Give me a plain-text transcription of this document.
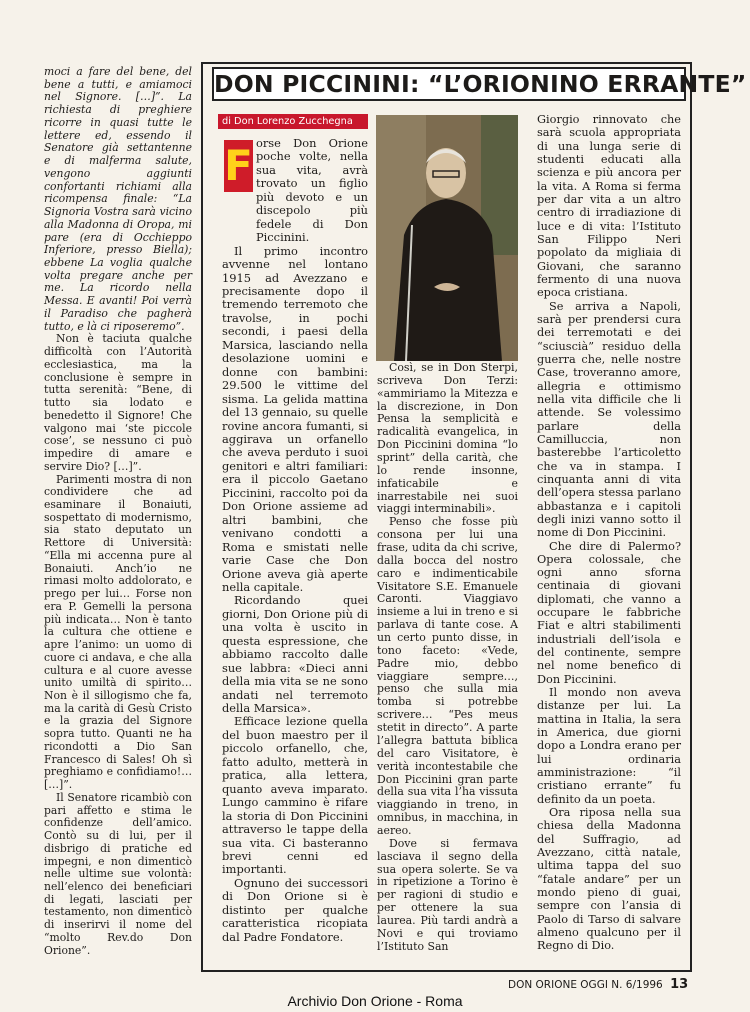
moci a fare del bene, del bene a tutti, e amiamoci nel Signore. […]”. La richiesta di preghiere ricorre in quasi tutte le lettere ed, essendo il Senatore già settantenne e di malferma salute, vengono aggiunti confortanti richiami alla ricompensa finale: “La Signoria Vostra sarà vicino alla Madonna di Oropa, mi pare (era di Occhieppo Inferiore, presso Biella); ebbene La voglia qualche volta pregare anche per me. La ricordo nella Messa. E avanti! Poi verrà il Paradiso che pagherà tutto, e là ci riposeremo”.

Non è taciuta qualche difficoltà con l’Autorità ecclesiastica, ma la conclusione è sempre in tutta serenità: “Bene, di tutto sia lodato e benedetto il Signore! Che valgono mai ‘ste piccole cose’, se nessuno ci può impedire di amare e servire Dio? […]”.

Parimenti mostra di non condividere che ad esaminare il Bonaiuti, sospettato di modernismo, sia stato deputato un Rettore di Università: “Ella mi accenna pure al Bonaiuti. Anch’io ne rimasi molto addolorato, e prego per lui… Forse non era P. Gemelli la persona più indicata… Non è tanto la cultura che ottiene e apre l’animo: un uomo di cuore ci andava, e che alla cultura e al cuore avesse unito umiltà di spirito… Non è il sillogismo che fa, ma la carità di Gesù Cristo e la grazia del Signore sopra tutto. Quanti ne ha ricondotti a Dio San Francesco di Sales! Oh sì preghiamo e confidiamo!… […]”.

Il Senatore ricambiò con pari affetto e stima le confidenze dell’amico. Contò su di lui, per il disbrigo di pratiche ed impegni, e non dimenticò nelle ultime sue volontà: nell’elenco dei beneficiari di legati, lasciati per testamento, non dimenticò di inserirvi il nome del “molto Rev.do Don Orione”.

DON PICCININI: “L’ORIONINO ERRANTE”
di Don Lorenzo Zucchegna
F orse Don Orione poche volte, nella sua vita, avrà trovato un figlio più devoto e un discepolo più fedele di Don Piccinini.

Il primo incontro avvenne nel lontano 1915 ad Avezzano e precisamente dopo il tremendo terremoto che travolse, in pochi secondi, i paesi della Marsica, lasciando nella desolazione uomini e donne con bambini: 29.500 le vittime del sisma. La gelida mattina del 13 gennaio, su quelle rovine ancora fumanti, si aggirava un orfanello che aveva perduto i suoi genitori e altri familiari: era il piccolo Gaetano Piccinini, raccolto poi da Don Orione assieme ad altri bambini, che venivano condotti a Roma e smistati nelle varie Case che Don Orione aveva già aperte nella capitale.

Ricordando quei giorni, Don Orione più di una volta è uscito in questa espressione, che abbiamo raccolto dalle sue labbra: «Dieci anni della mia vita se ne sono andati nel terremoto della Marsica».

Efficace lezione quella del buon maestro per il piccolo orfanello, che, fatto adulto, metterà in pratica, alla lettera, quanto aveva imparato. Lungo cammino è rifare la storia di Don Piccinini attraverso le tappe della sua vita. Ci basteranno brevi cenni ed importanti.

Ognuno dei successori di Don Orione si è distinto per qualche caratteristica ricopiata dal Padre Fondatore.

Così, se in Don Sterpi, scriveva Don Terzi: «ammiriamo la Mitezza e la discrezione, in Don Pensa la semplicità e radicalità evangelica, in Don Piccinini domina “lo sprint” della carità, che lo rende insonne, infaticabile e inarrestabile nei suoi viaggi interminabili».

Penso che fosse più consona per lui una frase, udita da chi scrive, dalla bocca del nostro caro e indimenticabile Visitatore S.E. Emanuele Caronti. Viaggiavo insieme a lui in treno e si parlava di tante cose. A un certo punto disse, in tono faceto: «Vede, Padre mio, debbo viaggiare sempre…, penso che sulla mia tomba si potrebbe scrivere… “Pes meus stetit in directo”. A parte l’allegra battuta biblica del caro Visitatore, è verità incontestabile che Don Piccinini gran parte della sua vita l’ha vissuta viaggiando in treno, in omnibus, in macchina, in aereo.

Dove si fermava lasciava il segno della sua opera solerte. Se va in ripetizione a Torino è per ragioni di studio e per ottenere la sua laurea. Più tardi andrà a Novi e qui troviamo l’Istituto San

Giorgio rinnovato che sarà scuola appropriata di una lunga serie di studenti educati alla scienza e più ancora per la vita. A Roma si ferma per dar vita a un altro centro di irradiazione di luce e di vita: l’Istituto San Filippo Neri popolato da migliaia di Giovani, che saranno fermento di una nuova epoca cristiana.

Se arriva a Napoli, sarà per prendersi cura dei terremotati e dei “sciuscià” residuo della guerra che, nelle nostre Case, troveranno amore, allegria e ottimismo nella vita difficile che li attende. Se volessimo parlare della Camilluccia, non basterebbe l’articoletto che va in stampa. I cinquanta anni di vita dell’opera stessa parlano abbastanza e i capitoli degli inizi vanno sotto il nome di Don Piccinini.

Che dire di Palermo? Opera colossale, che ogni anno sforna centinaia di giovani diplomati, che vanno a occupare le fabbriche Fiat e altri stabilimenti industriali dell’isola e del continente, sempre nel nome benefico di Don Piccinini.

Il mondo non aveva distanze per lui. La mattina in Italia, la sera in America, due giorni dopo a Londra erano per lui ordinaria amministrazione: “il cristiano errante” fu definito da un poeta.

Ora riposa nella sua chiesa della Madonna del Suffragio, ad Avezzano, città natale, ultima tappa del suo “fatale andare” per un mondo pieno di guai, sempre con l’ansia di Paolo di Tarso di salvare almeno qualcuno per il Regno di Dio.

DON ORIONE OGGI N. 6/1996 13
Archivio Don Orione - Roma
